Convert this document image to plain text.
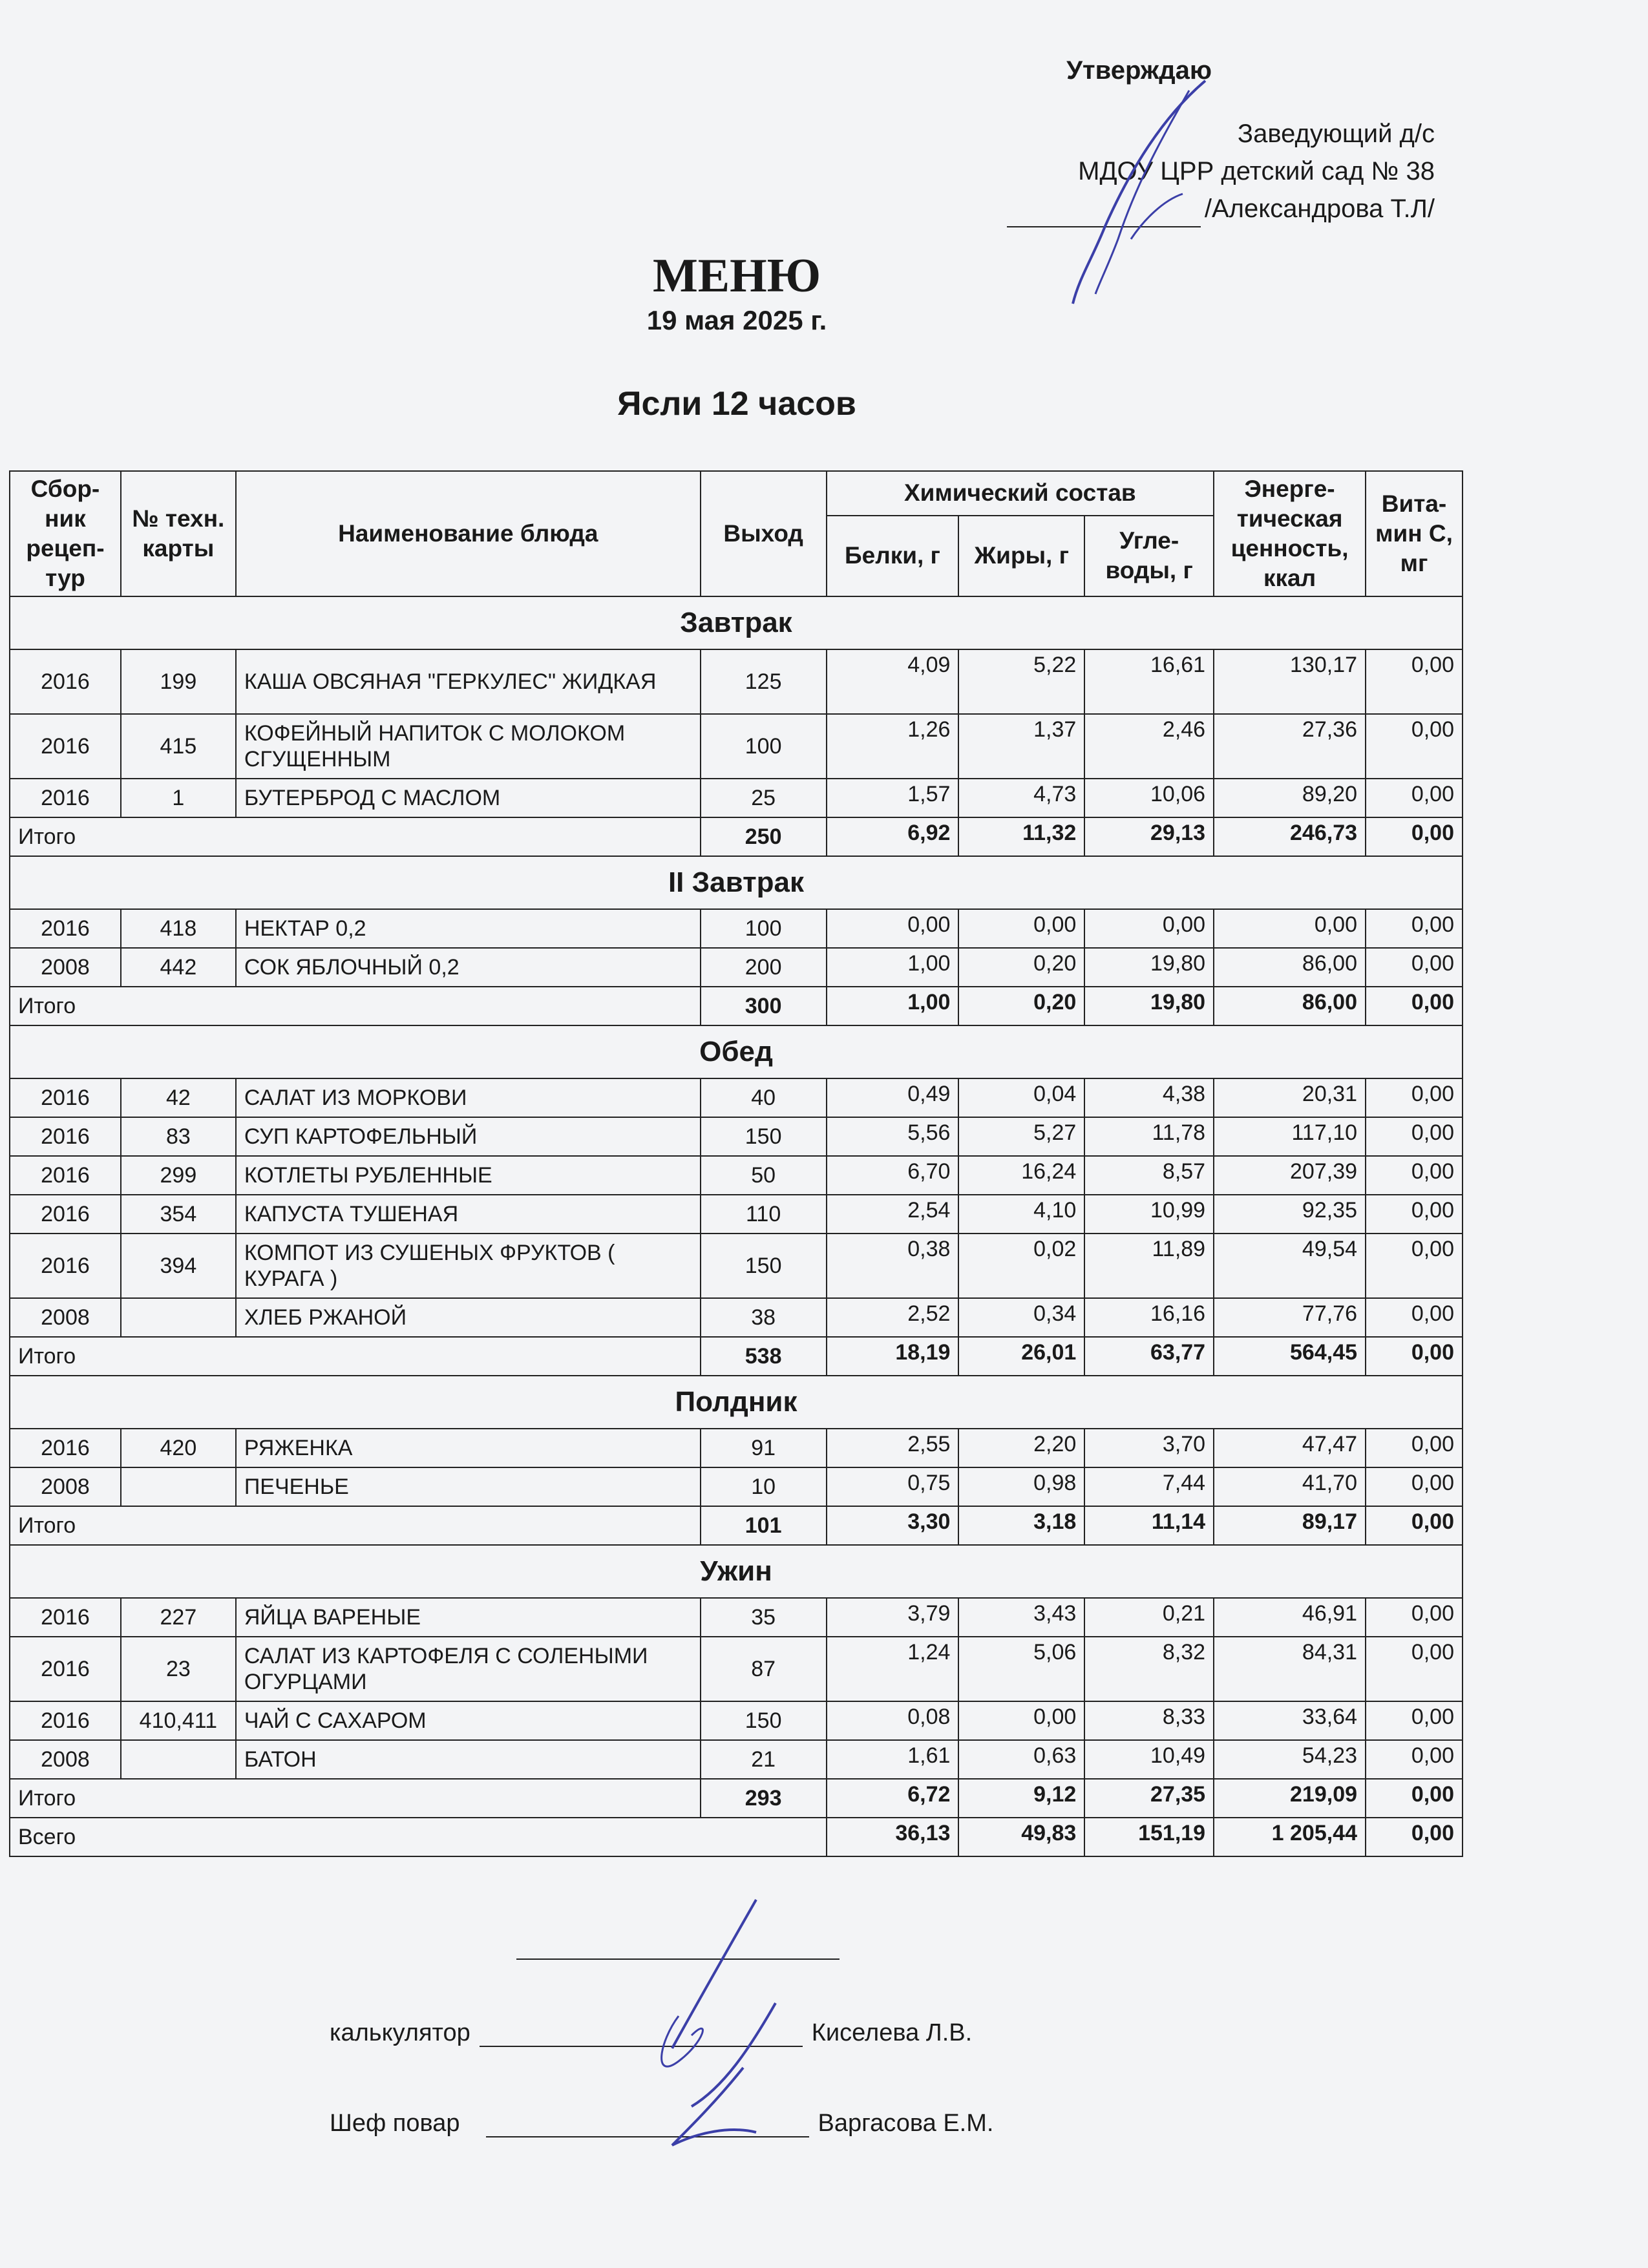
Утверждаю
Заведующий д/с
МДОУ ЦРР детский сад № 38
/Александрова Т.Л/
МЕНЮ
19 мая 2025 г.
Ясли 12 часов
Сбор- ник рецеп- тур	№ техн. карты	Наименование блюда	Выход	Химический состав			Энерге- тическая ценность, ккал	Вита- мин С, мг
				Белки, г	Жиры, г	Угле- воды, г		
Завтрак								
2016	199	КАША ОВСЯНАЯ "ГЕРКУЛЕС" ЖИДКАЯ	125	4,09	5,22	16,61	130,17	0,00
2016	415	КОФЕЙНЫЙ НАПИТОК С МОЛОКОМ СГУЩЕННЫМ	100	1,26	1,37	2,46	27,36	0,00
2016	1	БУТЕРБРОД С МАСЛОМ	25	1,57	4,73	10,06	89,20	0,00
Итого			250	6,92	11,32	29,13	246,73	0,00
II Завтрак								
2016	418	НЕКТАР 0,2	100	0,00	0,00	0,00	0,00	0,00
2008	442	СОК ЯБЛОЧНЫЙ 0,2	200	1,00	0,20	19,80	86,00	0,00
Итого			300	1,00	0,20	19,80	86,00	0,00
Обед								
2016	42	САЛАТ ИЗ МОРКОВИ	40	0,49	0,04	4,38	20,31	0,00
2016	83	СУП КАРТОФЕЛЬНЫЙ	150	5,56	5,27	11,78	117,10	0,00
2016	299	КОТЛЕТЫ РУБЛЕННЫЕ	50	6,70	16,24	8,57	207,39	0,00
2016	354	КАПУСТА ТУШЕНАЯ	110	2,54	4,10	10,99	92,35	0,00
2016	394	КОМПОТ ИЗ СУШЕНЫХ ФРУКТОВ ( КУРАГА )	150	0,38	0,02	11,89	49,54	0,00
2008		ХЛЕБ РЖАНОЙ	38	2,52	0,34	16,16	77,76	0,00
Итого			538	18,19	26,01	63,77	564,45	0,00
Полдник								
2016	420	РЯЖЕНКА	91	2,55	2,20	3,70	47,47	0,00
2008		ПЕЧЕНЬЕ	10	0,75	0,98	7,44	41,70	0,00
Итого			101	3,30	3,18	11,14	89,17	0,00
Ужин								
2016	227	ЯЙЦА ВАРЕНЫЕ	35	3,79	3,43	0,21	46,91	0,00
2016	23	САЛАТ ИЗ КАРТОФЕЛЯ С СОЛЕНЫМИ ОГУРЦАМИ	87	1,24	5,06	8,32	84,31	0,00
2016	410,411	ЧАЙ С САХАРОМ	150	0,08	0,00	8,33	33,64	0,00
2008		БАТОН	21	1,61	0,63	10,49	54,23	0,00
Итого			293	6,72	9,12	27,35	219,09	0,00
Всего				36,13	49,83	151,19	1 205,44	0,00
калькулятор	Киселева Л.В.
Шеф повар	Варгасова Е.М.
